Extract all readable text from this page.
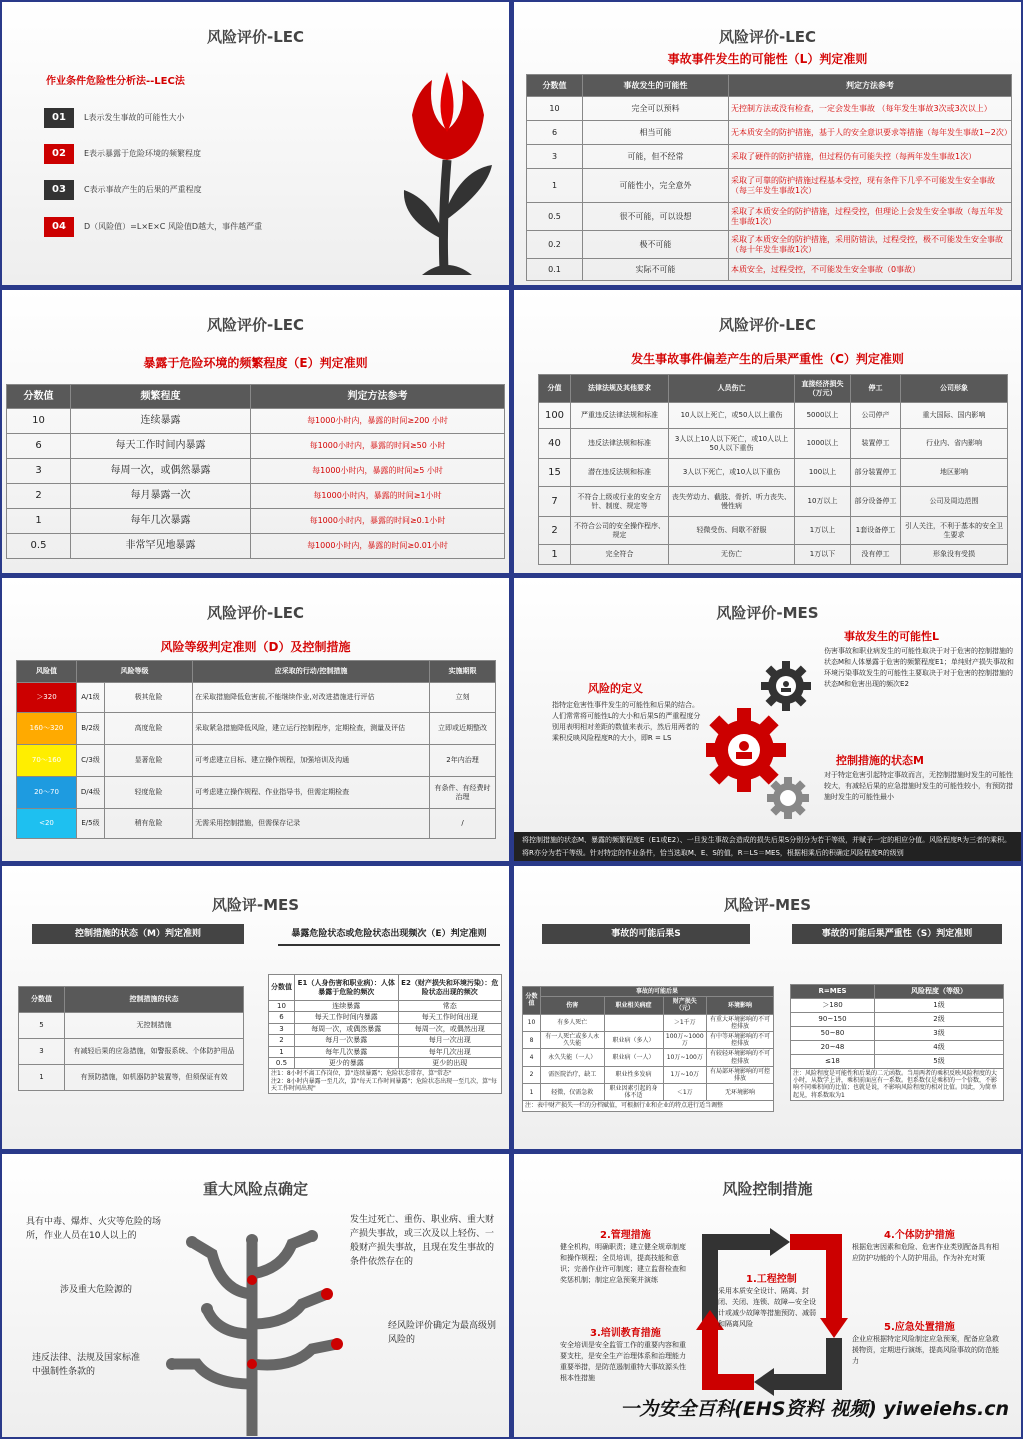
风险评价-LEC
作业条件危险性分析法--LEC法
01	L表示发生事故的可能性大小
02	E表示暴露于危险环境的频繁程度
03	C表示事故产生的后果的严重程度
04	D（风险值）=L×E×C 风险值D越大，事件越严重
风险评价-LEC
事故事件发生的可能性（L）判定准则
分数值	事故发生的可能性	判定方法参考
10	完全可以预料	无控制方法或没有检查，一定会发生事故 （每年发生事故3次或3次以上）
6	相当可能	无本质安全的防护措施，基于人的安全意识要求等措施（每年发生事故1~2次）
3	可能，但不经常	采取了硬件的防护措施，但过程仍有可能失控（每两年发生事故1次）
1	可能性小，完全意外	采取了可靠的防护措施过程基本受控，现有条件下几乎不可能发生安全事故（每三年发生事故1次）
0.5	很不可能，可以设想	采取了本质安全的防护措施，过程受控，但理论上会发生安全事故（每五年发生事故1次）
0.2	极不可能	采取了本质安全的防护措施，采用防错法，过程受控，极不可能发生安全事故（每十年发生事故1次）
0.1	实际不可能	本质安全，过程受控，不可能发生安全事故（0事故）
风险评价-LEC
暴露于危险环境的频繁程度（E）判定准则
分数值	频繁程度	判定方法参考
10	连续暴露	每1000小时内，暴露的时间≥200 小时
6	每天工作时间内暴露	每1000小时内，暴露的时间≥50 小时
3	每周一次，或偶然暴露	每1000小时内，暴露的时间≥5 小时
2	每月暴露一次	每1000小时内，暴露的时间≥1小时
1	每年几次暴露	每1000小时内，暴露的时间≥0.1小时
0.5	非常罕见地暴露	每1000小时内，暴露的时间≥0.01小时
风险评价-LEC
发生事故事件偏差产生的后果严重性（C）判定准则
分值	法律法规及其他要求	人员伤亡	直接经济损失（万元）	停工	公司形象
100	严重违反法律法规和标准	10人以上死亡，或50人以上重伤	5000以上	公司停产	重大国际、国内影响
40	违反法律法规和标准	3人以上10人以下死亡，或10人以上50人以下重伤	1000以上	装置停工	行业内、省内影响
15	潜在违反法规和标准	3人以下死亡，或10人以下重伤	100以上	部分装置停工	地区影响
7	不符合上级或行业的安全方针、制度、规定等	丧失劳动力、截肢、骨折、听力丧失、慢性病	10万以上	部分设备停工	公司及周边范围
2	不符合公司的安全操作程序、规定	轻微受伤、间歇不舒服	1万以上	1套设备停工	引人关注，不利于基本的安全卫生要求
1	完全符合	无伤亡	1万以下	没有停工	形象没有受损
风险评价-LEC
风险等级判定准则（D）及控制措施
风险值	风险等级		应采取的行动/控制措施	实施期限
＞320	A/1级	极其危险	在采取措施降低危害前,不能继续作业,对改进措施进行评估	立刻
160～320	B/2级	高度危险	采取紧急措施降低风险，建立运行控制程序，定期检查，测量及评估	立即或近期整改
70～160	C/3级	显著危险	可考虑建立目标、建立操作规程，加强培训及沟通	2年内治理
20～70	D/4级	轻度危险	可考虑建立操作规程、作业指导书，但需定期检查	有条件、有经费时治理
<20	E/5级	稍有危险	无需采用控制措施，但需保存记录	/
风险评价-MES
风险的定义
指特定危害性事件发生的可能性和后果的结合。人们常常将可能性L的大小和后果S的严重程度分别用表明相对差距的数值来表示，然后用两者的乘积反映风险程度R的大小，即R = LS
事故发生的可能性L
伤害事故和职业病发生的可能性取决于对于危害的控制措施的状态M和人体暴露于危害的频繁程度E1；单纯财产损失事故和环境污染事故发生的可能性主要取决于对于危害的控制措施的状态M和危害出现的频次E2
控制措施的状态M
对于特定危害引起特定事故而言，无控制措施时发生的可能性较大，有减轻后果的应急措施时发生的可能性较小，有预防措施时发生的可能性最小
将控制措施的状态M、暴露的频繁程度E（E1或E2）、一旦发生事故会造成的损失后果S分别分为若干等级，并赋予一定的相应分值。风险程度R为三者的乘积。将R亦分为若干等级。针对特定的作业条件，恰当选取M、E、S的值，R＝LS＝MES，根据相乘后的积确定风险程度R的级别
风险评-MES
控制措施的状态（M）判定准则	暴露危险状态或危险状态出现频次（E）判定准则
分数值	控制措施的状态
5	无控制措施
3	有减轻后果的应急措施，如警报系统、个体防护用品
1	有预防措施，如机器防护装置等，但须保证有效
分数值	E1（人身伤害和职业病）：人体暴露于危险的频次	E2（财产损失和环境污染）：危险状态出现的频次
10	连续暴露	常态
6	每天工作时间内暴露	每天工作时间出现
3	每周一次，或偶然暴露	每周一次，或偶然出现
2	每月一次暴露	每月一次出现
1	每年几次暴露	每年几次出现
0.5	更少的暴露	更少的出现
注1：8小时不离工作岗位，算"连续暴露"；危险状态常存，算"常态"
注2：8小时内暴露一至几次，算"每天工作时间暴露"；危险状态出现一至几次，算"每天工作时间出现"		
风险评-MES
事故的可能后果S	事故的可能后果严重性（S）判定准则
分数值	事故的可能后果			
	伤害	职业相关病症	财产损失（元）	环境影响
10	有多人死亡		＞1千万	有重大环境影响的不可控排放
8	有一人死亡或多人永久失能	职业病（多人）	100万~1000万	有中等环境影响的不可控排放
4	永久失能（一人）	职业病（一人）	10万~100万	有较轻环境影响的不可控排放
2	需医院治疗，缺工	职业性多发病	1万~10万	有局部环境影响的可控排放
1	轻微，仅需急救	职业因素引起的身体不适	＜1万	无环境影响
注：表中财产损失一栏的分档赋值，可根据行业和企业的特点进行适当调整				
R=MES	风险程度（等级）
＞180	1级
90~150	2级
50~80	3级
20~48	4级
≤18	5级
注：风险程度是可能性和后果的二元函数。当用两者的乘积反映风险程度的大小时，从数学上讲，乘积前面应有一系数。但系数仅是乘积的一个倍数，不影响不同乘积间的比值；也就是说，不影响风险程度的相对比值。因此，为简单起见，将系数取为1	
重大风险点确定
具有中毒、爆炸、火灾等危险的场所，作业人员在10人以上的
涉及重大危险源的
违反法律、法规及国家标准中强制性条款的
发生过死亡、重伤、职业病、重大财产损失事故，或三次及以上轻伤、一般财产损失事故，且现在发生事故的条件依然存在的
经风险评价确定为最高级别风险的
风险控制措施
1.工程控制
采用本质安全设计、隔离、封闭、关闭、连锁、故障—安全设计或减少故障等措施预防、减弱和隔离风险
2.管理措施
健全机构，明确职责；建立健全规章制度和操作规程；全员培训，提高技能和意识；完善作业许可制度；建立监督检查和奖惩机制；制定应急预案并演练
3.培训教育措施
安全培训是安全监管工作的重要内容和重要支柱，是安全生产治理体系和治理能力重要举措，是防范遏制重特大事故源头性根本性措施
4.个体防护措施
根据危害因素和危险、危害作业类别配备具有相应防护功能的个人防护用品，作为补充对策
5.应急处置措施
企业应根据特定风险制定应急预案，配备应急救援物资，定期进行演练，提高风险事故的防范能力
一为安全百科(EHS资料 视频) yiweiehs.cn
